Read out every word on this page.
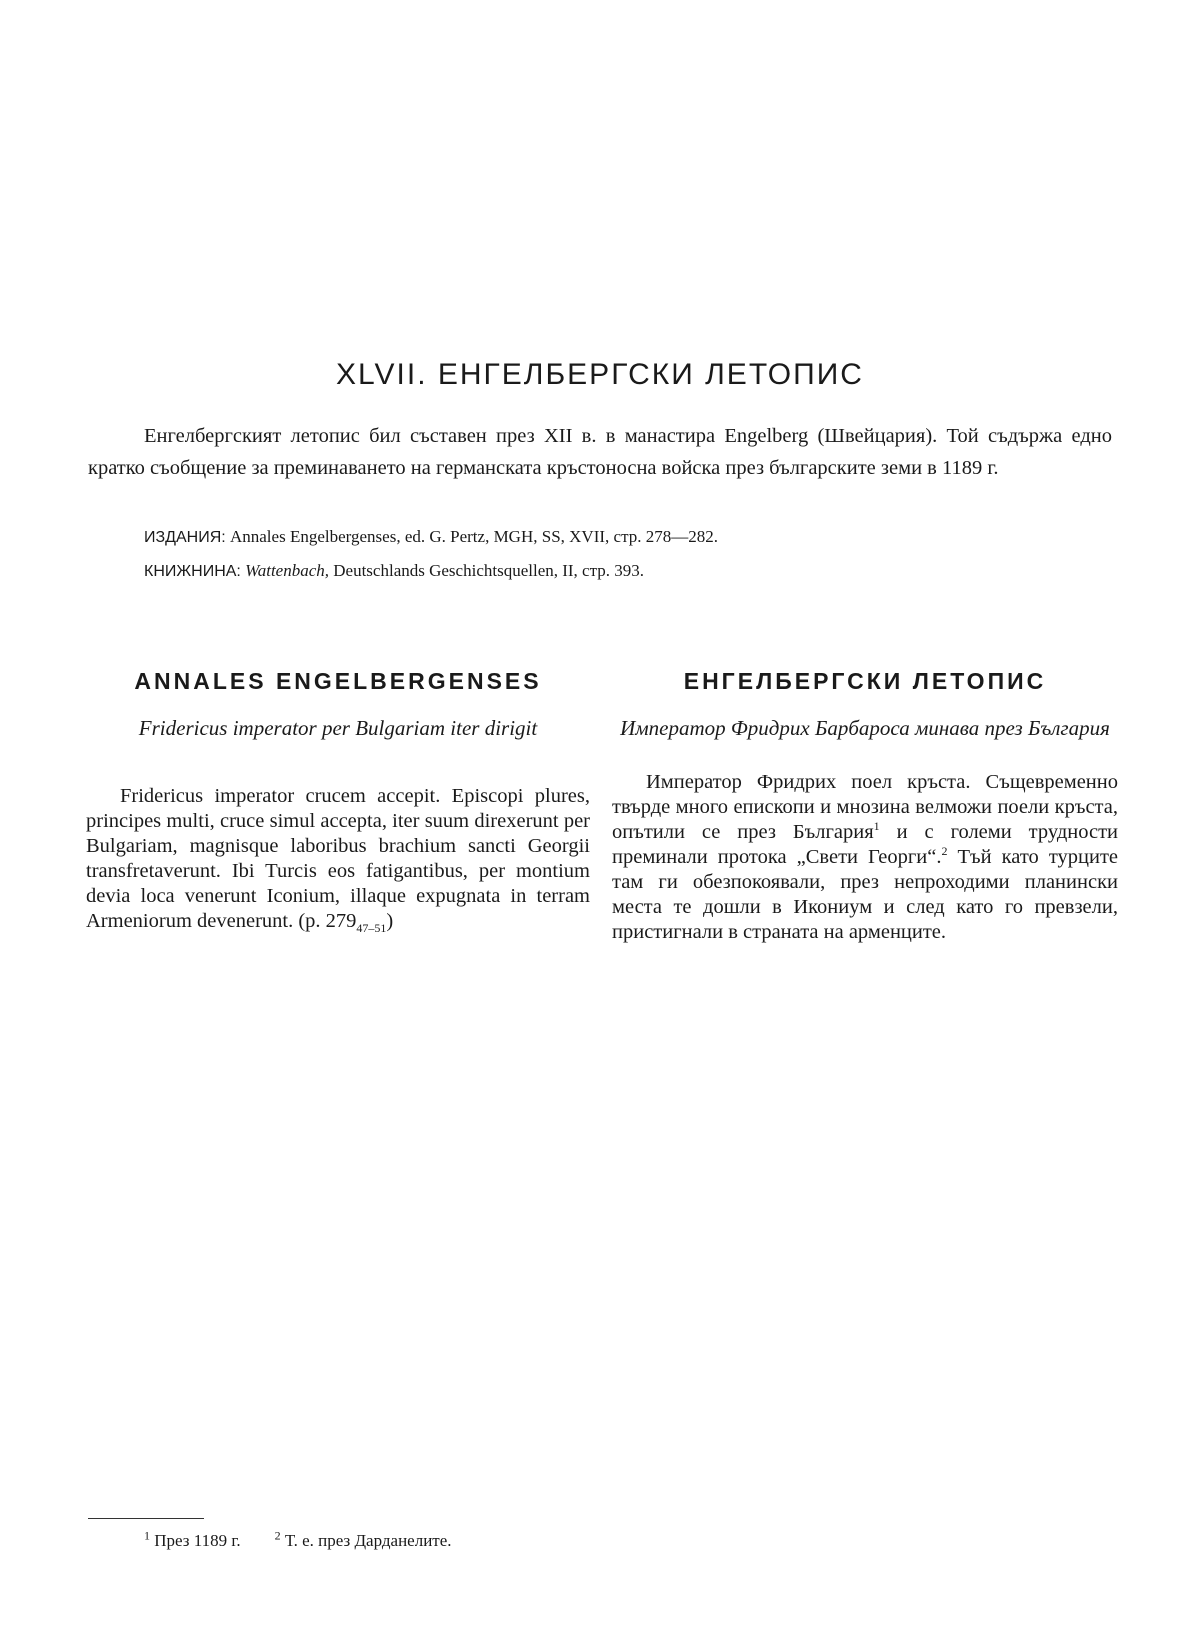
XLVII. ЕНГЕЛБЕРГСКИ ЛЕТОПИС

Енгелбергският летопис бил съставен през XII в. в манастира Engelberg (Швейцария). Той съдържа едно кратко съобщение за преминаването на германската кръстоносна войска през българските земи в 1189 г.

ИЗДАНИЯ: Annales Engelbergenses, ed. G. Pertz, MGH, SS, XVII, стр. 278—282.

КНИЖНИНА: Wattenbach, Deutschlands Geschichtsquellen, II, стр. 393.

ANNALES ENGELBERGENSES

Fridericus imperator per Bulgariam iter dirigit

Fridericus imperator crucem accepit. Episcopi plures, principes multi, cruce simul accepta, iter suum direxerunt per Bulgariam, magnisque laboribus brachium sancti Georgii transfretaverunt. Ibi Turcis eos fatigantibus, per montium devia loca venerunt Iconium, illaque expugnata in terram Armeniorum devenerunt. (p. $279_{47-51}$)

ЕНГЕЛБЕРГСКИ ЛЕТОПИС

Император Фридрих Барбароса минава през България

Император Фридрих поел кръста. Същевременно твърде много епископи и мнозина велможи поели кръста, опътили се през България$^1$ и с големи трудности преминали протока „Свети Георги“.$^2$ Тъй като турците там ги обезпокоявали, през непроходими планински места те дошли в Икониум и след като го превзели, пристигнали в страната на арменците.

$^1$ През 1189 г.	$^2$ Т. е. през Дарданелите.
